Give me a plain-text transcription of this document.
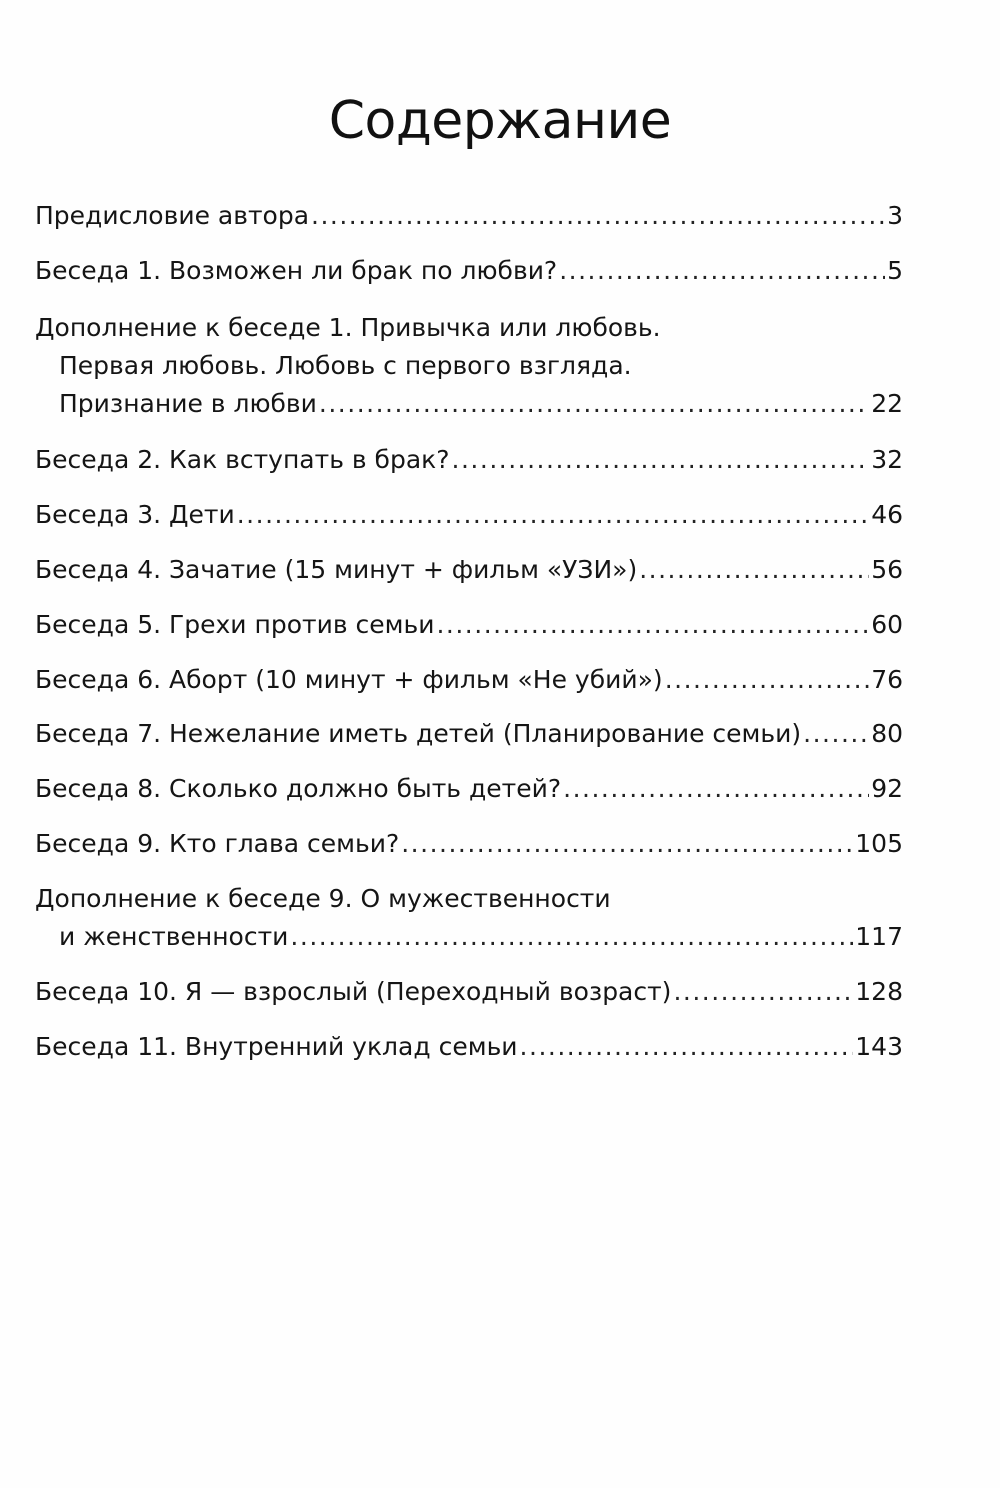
Содержание
Предисловие автора .....	3
Беседа 1. Возможен ли брак по любви? .....	5
Дополнение к беседе 1. Привычка или любовь.
Первая любовь. Любовь с первого взгляда.
Признание в любви .....	22
Беседа 2. Как вступать в брак? .....	32
Беседа 3. Дети .....	46
Беседа 4. Зачатие (15 минут + фильм «УЗИ») .....	56
Беседа 5. Грехи против семьи .....	60
Беседа 6. Аборт (10 минут + фильм «Не убий») .....	76
Беседа 7. Нежелание иметь детей (Планирование семьи) .....	80
Беседа 8. Сколько должно быть детей? .....	92
Беседа 9. Кто глава семьи? .....	105
Дополнение к беседе 9. О мужественности
и женственности .....	117
Беседа 10. Я — взрослый (Переходный возраст) .....	128
Беседа 11. Внутренний уклад семьи .....	143
